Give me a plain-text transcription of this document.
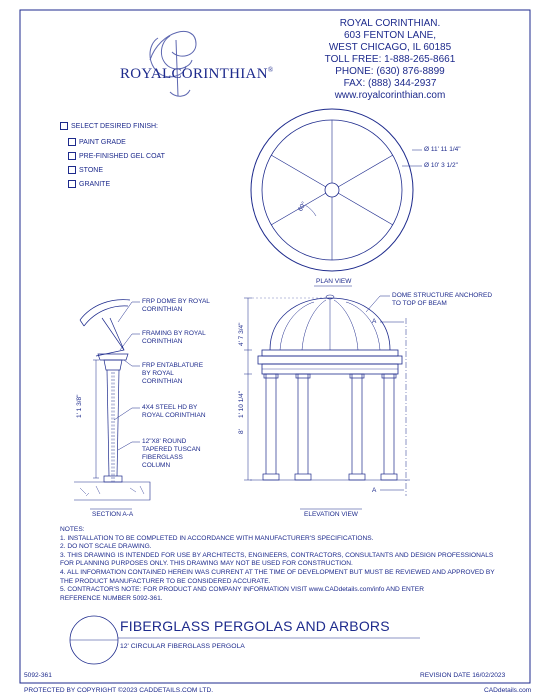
ROYAL CORINTHIAN.
603 FENTON LANE,
WEST CHICAGO, IL 60185
TOLL FREE: 1-888-265-8661
PHONE: (630) 876-8899
FAX: (888) 344-2937
www.royalcorinthian.com
ROYALCORINTHIAN®
SELECT DESIRED FINISH:
PAINT GRADE
PRE-FINISHED GEL COAT
STONE
GRANITE
Ø 11' 11 1/4"
Ø 10' 3 1/2"
60°
PLAN VIEW
FRP DOME BY ROYAL
CORINTHIAN
FRAMING BY ROYAL
CORINTHIAN
FRP ENTABLATURE
BY ROYAL
CORINTHIAN
4X4 STEEL HD BY
ROYAL CORINTHIAN
12"X8' ROUND
TAPERED TUSCAN
FIBERGLASS
COLUMN
1' 1 3/8"
SECTION A-A
DOME STRUCTURE ANCHORED
TO TOP OF BEAM
4' 7 3/4"
1' 10 1/4"
8'
A
A
ELEVATION VIEW
NOTES:
1. INSTALLATION TO BE COMPLETED IN ACCORDANCE WITH MANUFACTURER'S SPECIFICATIONS.
2. DO NOT SCALE DRAWING.
3. THIS DRAWING IS INTENDED FOR USE BY ARCHITECTS, ENGINEERS, CONTRACTORS, CONSULTANTS AND DESIGN PROFESSIONALS
FOR PLANNING PURPOSES ONLY. THIS DRAWING MAY NOT BE USED FOR CONSTRUCTION.
4. ALL INFORMATION CONTAINED HEREIN WAS CURRENT AT THE TIME OF DEVELOPMENT BUT MUST BE REVIEWED AND APPROVED BY
THE PRODUCT MANUFACTURER TO BE CONSIDERED ACCURATE.
5. CONTRACTOR'S NOTE: FOR PRODUCT AND COMPANY INFORMATION VISIT www.CADdetails.com/info AND ENTER
REFERENCE NUMBER 5092-361.
FIBERGLASS PERGOLAS AND ARBORS
12' CIRCULAR FIBERGLASS PERGOLA
5092-361	REVISION DATE 16/02/2023
PROTECTED BY COPYRIGHT ©2023 CADDETAILS.COM LTD.	CADdetails.com
